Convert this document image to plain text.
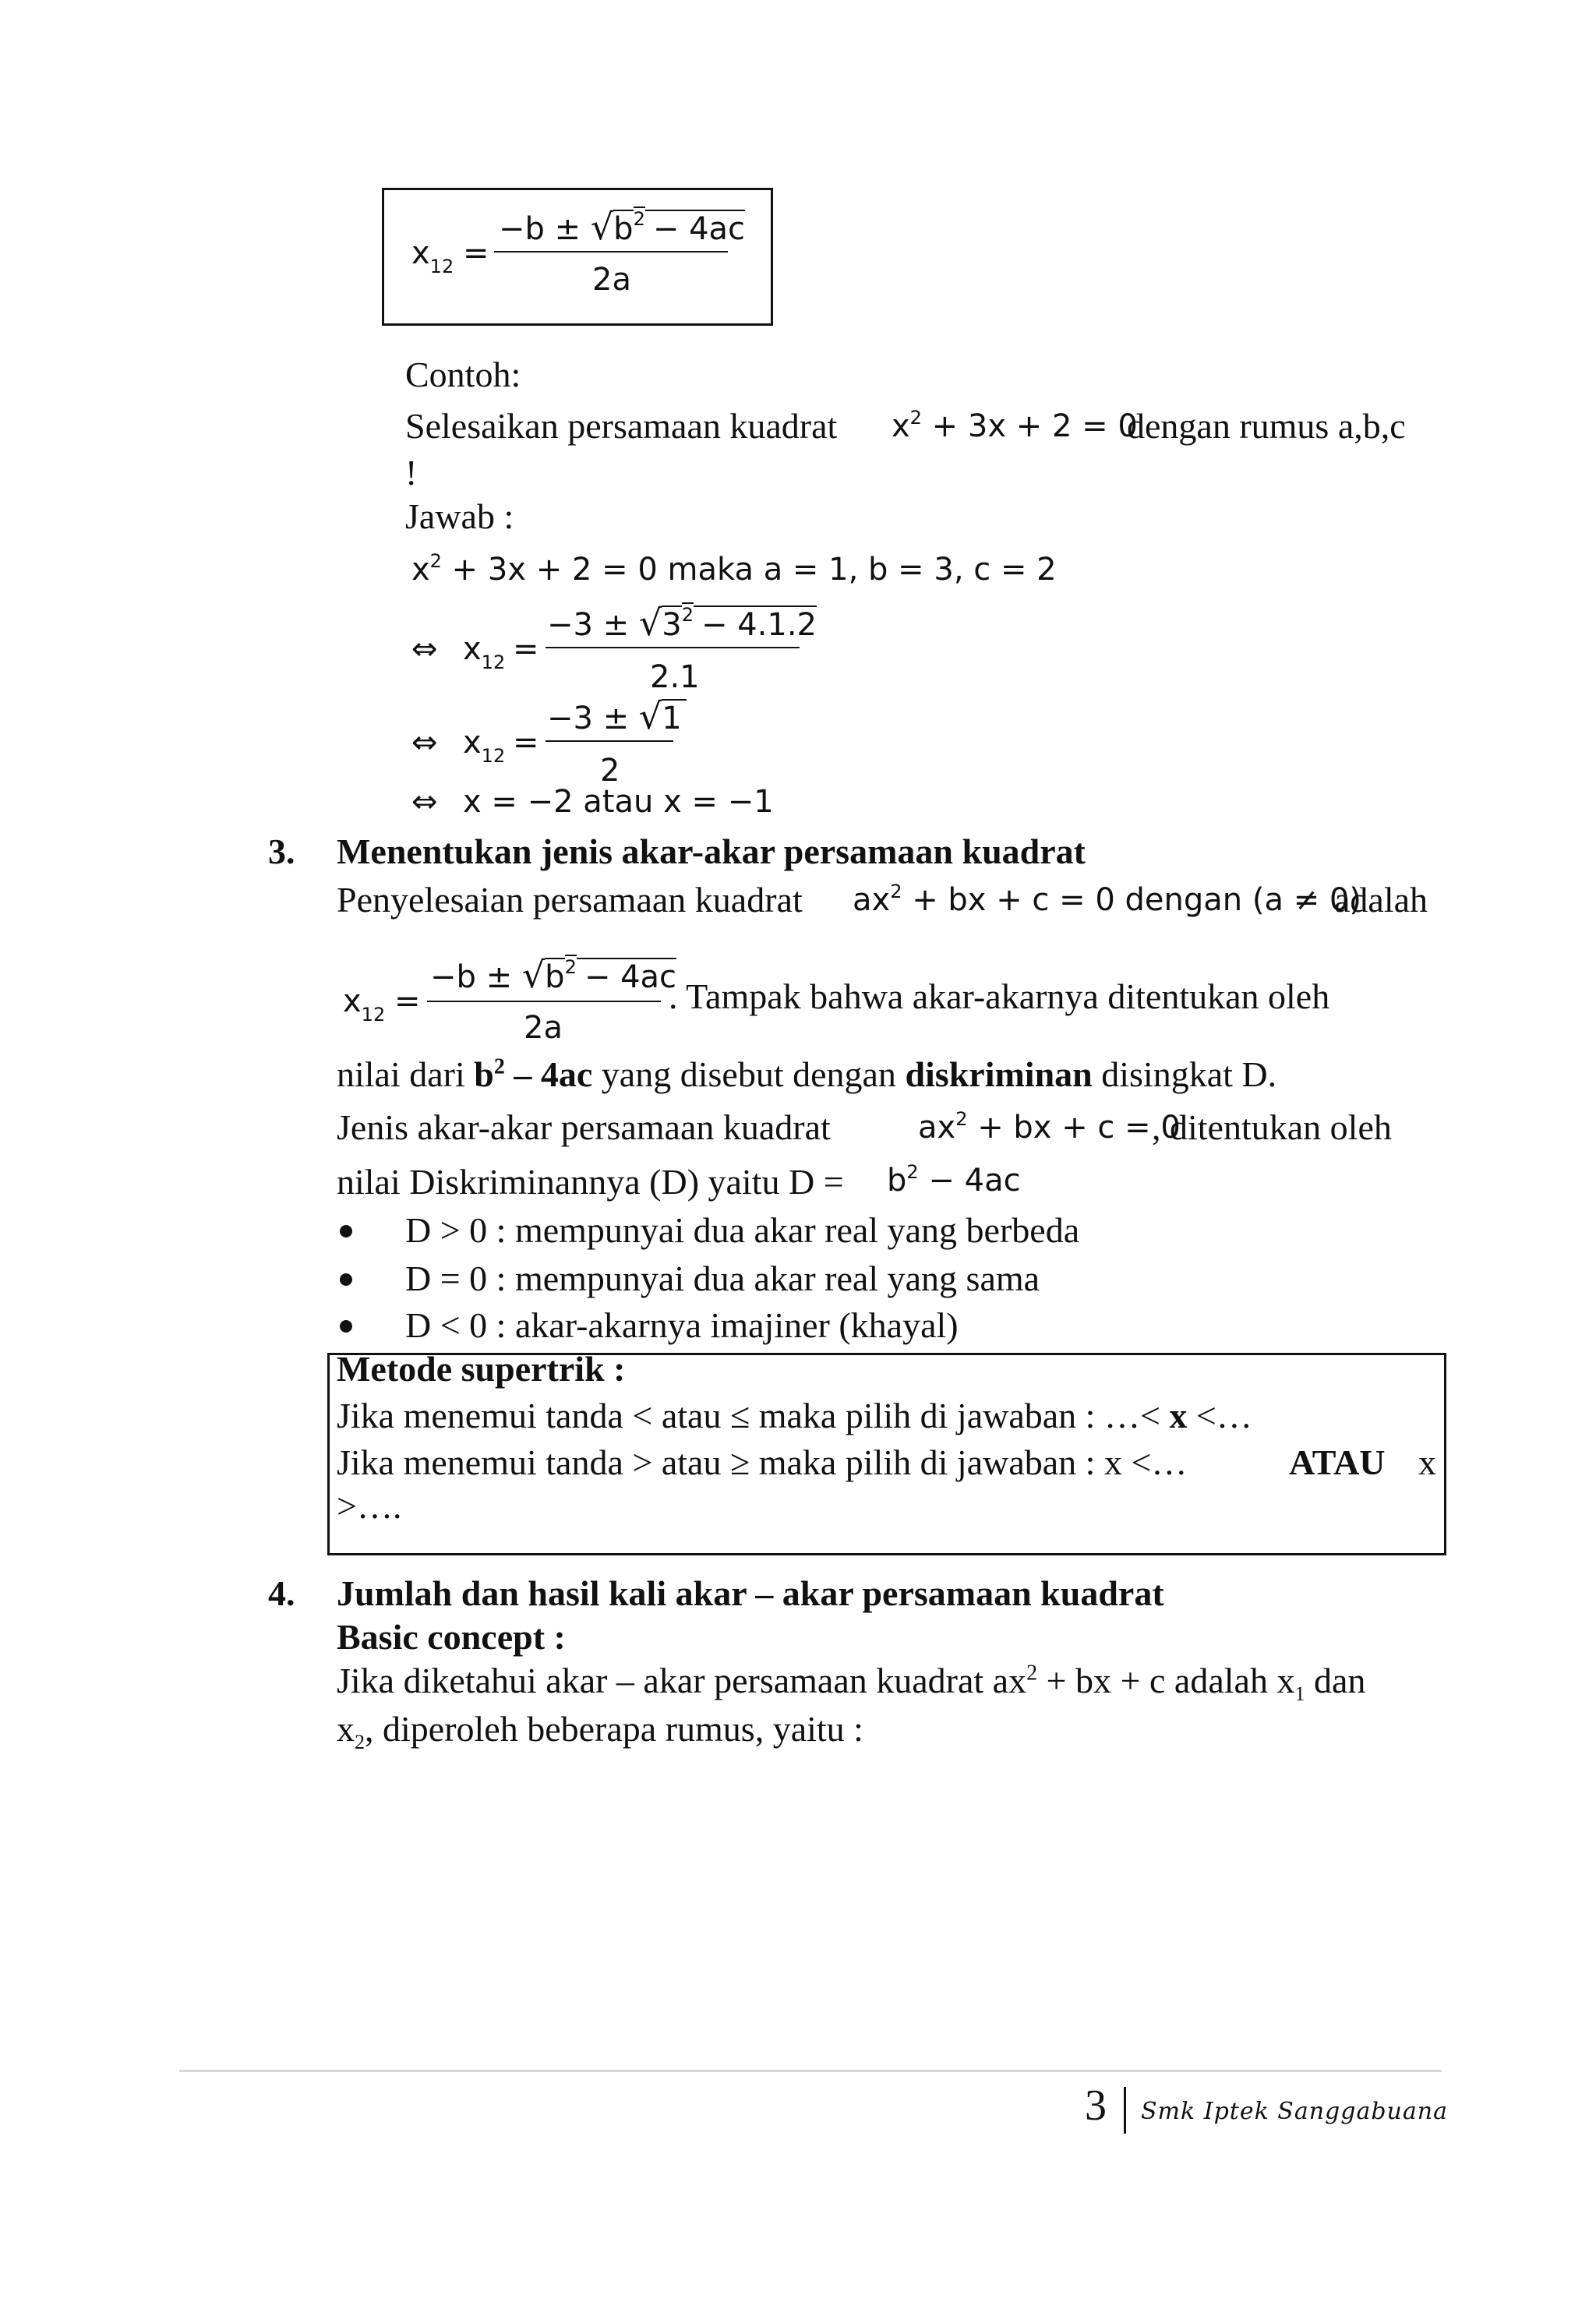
$x_{12}$ =
$-b \pm √b^2 - 4ac$
2a
Contoh:
Selesaikan persamaan kuadrat $x^2 + 3x + 2 = 0$
dengan rumus a,b,c
!
Jawab :
$x^2 + 3x + 2 = 0$ maka a = 1, b = 3, c = 2
⇔ $x_{12}$ =
$-3 \pm √3^2 - 4.1.2$
2.1
⇔ $x_{12}$ =
−3 ± √1
2
⇔ x = −2 atau x = −1
3. Menentukan jenis akar-akar persamaan kuadrat
Penyelesaian persamaan kuadrat $ax^2$ + bx + c = 0 dengan (a ≠ 0)
adalah
$x_{12}$ =
$-b \pm √b^2 - 4ac$
2a
. Tampak bahwa akar-akarnya ditentukan oleh
nilai dari $b^2 - 4ac$ yang disebut dengan diskriminan disingkat D.
Jenis akar-akar persamaan kuadrat	$ax^2$ + bx + c = 0
, ditentukan oleh
nilai Diskriminannya (D) yaitu $D = b^2 - 4ac$
D > 0 : mempunyai dua akar real yang berbeda
D = 0 : mempunyai dua akar real yang sama
D < 0 : akar-akarnya imajiner (khayal)
Metode supertrik :
Jika menemui tanda < atau ≤ maka pilih di jawaban : …< x <…
Jika menemui tanda > atau ≥ maka pilih di jawaban : x <…	ATAU x
>….
4. Jumlah dan hasil kali akar – akar persamaan kuadrat
Basic concept :
Jika diketahui akar – akar persamaan kuadrat $ax^2$ + bx + c adalah $x_1$ dan
$x_2$, diperoleh beberapa rumus, yaitu :
3 Smk Iptek Sanggabuana
